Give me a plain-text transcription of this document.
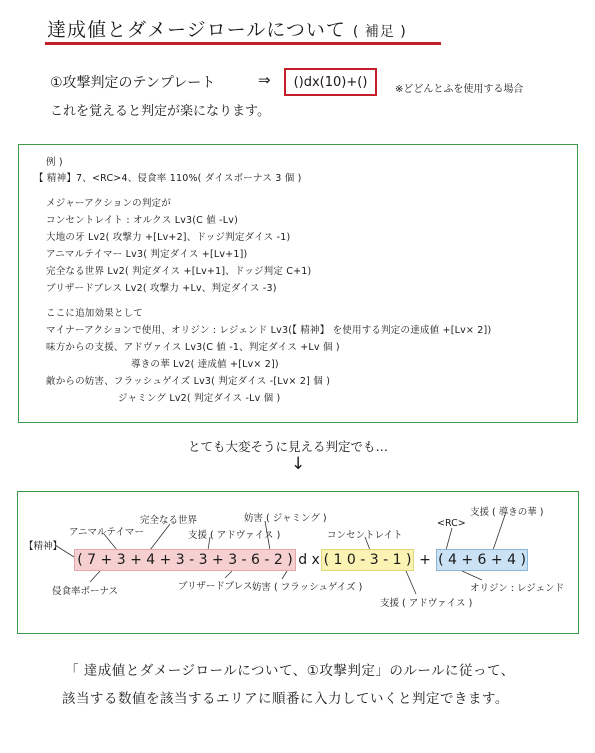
達成値とダメージロールについて ( 補足 )
①攻撃判定のテンプレート	⇒ ()dx(10)+()	※どどんとふを使用する場合
これを覚えると判定が楽になります。
例 )
【 精神】7、<RC>4、侵食率 110%( ダイスボーナス 3 個 )
メジャーアクションの判定が
コンセントレイト : オルクス Lv3(C 値 -Lv)
大地の牙 Lv2( 攻撃力 +[Lv+2]、ドッジ判定ダイス -1)
アニマルテイマー Lv3( 判定ダイス +[Lv+1])
完全なる世界 Lv2( 判定ダイス +[Lv+1]、ドッジ判定 C+1)
ブリザードブレス Lv2( 攻撃力 +Lv、判定ダイス -3)
ここに追加効果として
マイナーアクションで使用、オリジン : レジェンド Lv3(【 精神】 を使用する判定の達成値 +[Lv× 2])
味方からの支援、アドヴァイス Lv3(C 値 -1、判定ダイス +Lv 個 )
導きの華 Lv2( 達成値 +[Lv× 2])
敵からの妨害、フラッシュゲイズ Lv3( 判定ダイス -[Lv× 2] 個 )
ジャミング Lv2( 判定ダイス -Lv 個 )
とても大変そうに見える判定でも…
↓
( 7 + 3 + 4 + 3 - 3 + 3 - 6 - 2 ) d x ( 1 0 - 3 - 1 ) + ( 4 + 6 + 4 )
【精神】
アニマルテイマー
完全なる世界
支援 ( アドヴァイス )
妨害 ( ジャミング )
コンセントレイト
<RC>
支援 ( 導きの華 )
侵食率ボーナス	ブリザードブレス 妨害 ( フラッシュゲイズ )
支援 ( アドヴァイス )
オリジン : レジェンド
「 達成値とダメージロールについて、①攻撃判定」のルールに従って、
該当する数値を該当するエリアに順番に入力していくと判定できます。
